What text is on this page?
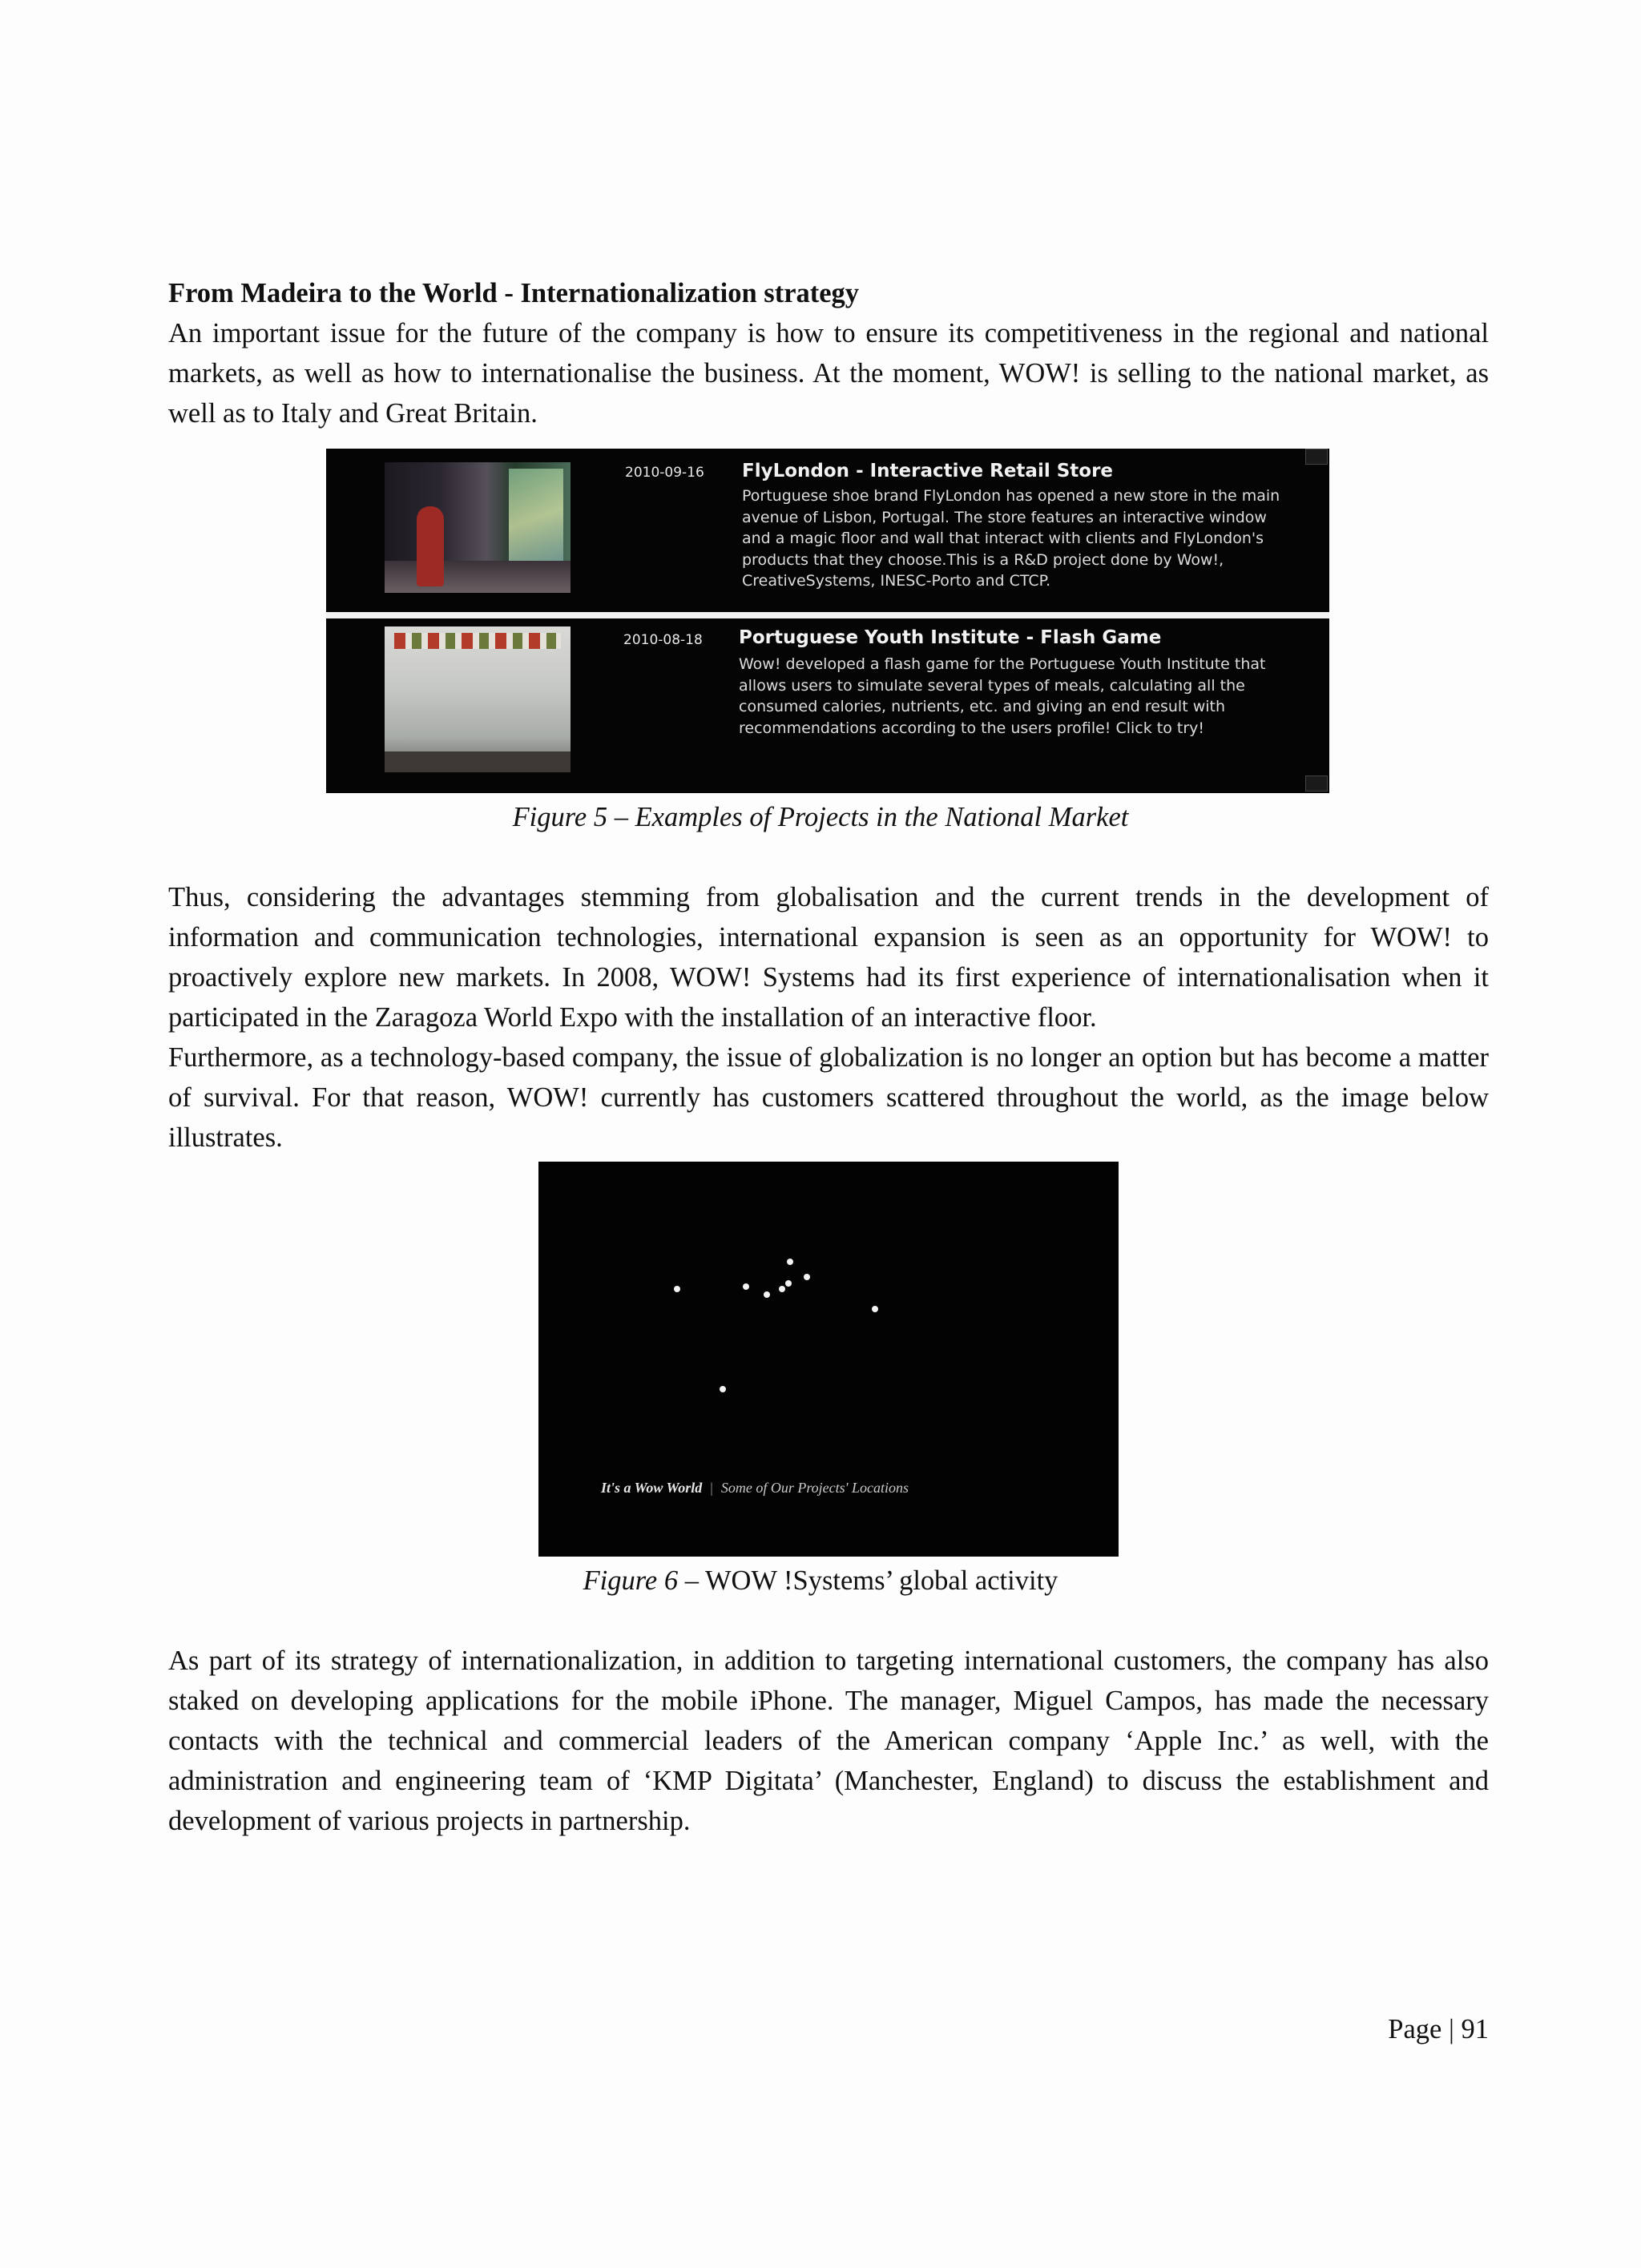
From Madeira to the World - Internationalization strategy

An important issue for the future of the company is how to ensure its competitiveness in the regional and national markets, as well as how to internationalise the business. At the moment, WOW! is selling to the national market, as well as to Italy and Great Britain.

2010-09-16 FlyLondon - Interactive Retail Store
Portuguese shoe brand FlyLondon has opened a new store in the main avenue of Lisbon, Portugal. The store features an interactive window and a magic floor and wall that interact with clients and FlyLondon's products that they choose.This is a R&D project done by Wow!, CreativeSystems, INESC-Porto and CTCP.
2010-08-18 Portuguese Youth Institute - Flash Game
Wow! developed a flash game for the Portuguese Youth Institute that allows users to simulate several types of meals, calculating all the consumed calories, nutrients, etc. and giving an end result with recommendations according to the users profile! Click to try!
Figure 5 – Examples of Projects in the National Market

Thus, considering the advantages stemming from globalisation and the current trends in the development of information and communication technologies, international expansion is seen as an opportunity for WOW! to proactively explore new markets. In 2008, WOW! Systems had its first experience of internationalisation when it participated in the Zaragoza World Expo with the installation of an interactive floor.

Furthermore, as a technology-based company, the issue of globalization is no longer an option but has become a matter of survival. For that reason, WOW! currently has customers scattered throughout the world, as the image below illustrates.

It's a Wow World | Some of Our Projects' Locations
Figure 6 – WOW !Systems’ global activity

As part of its strategy of internationalization, in addition to targeting international customers, the company has also staked on developing applications for the mobile iPhone. The manager, Miguel Campos, has made the necessary contacts with the technical and commercial leaders of the American company ‘Apple Inc.’ as well, with the administration and engineering team of ‘KMP Digitata’ (Manchester, England) to discuss the establishment and development of various projects in partnership.

Page | 91
